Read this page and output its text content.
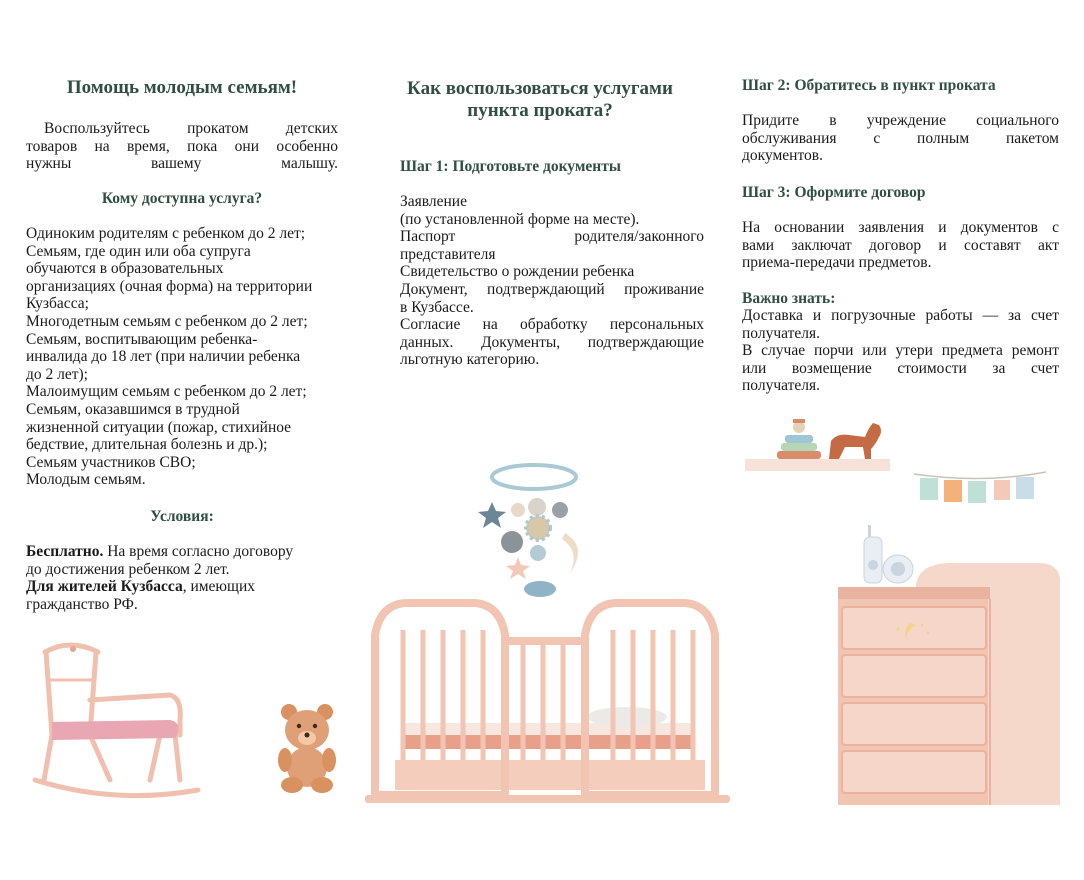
Помощь молодым семьям!
Воспользуйтесь прокатом детских
товаров на время, пока они особенно
нужны вашему малышу.
Кому доступна услуга?
Одиноким родителям с ребенком до 2 лет;
Семьям, где один или оба супруга
обучаются в образовательных
организациях (очная форма) на территории
Кузбасса;
Многодетным семьям с ребенком до 2 лет;
Семьям, воспитывающим ребенка-
инвалида до 18 лет (при наличии ребенка
до 2 лет);
Малоимущим семьям с ребенком до 2 лет;
Семьям, оказавшимся в трудной
жизненной ситуации (пожар, стихийное
бедствие, длительная болезнь и др.);
Семьям участников СВО;
Молодым семьям.
Условия:
Бесплатно. На время согласно договору
до достижения ребенком 2 лет.
Для жителей Кузбасса, имеющих
гражданство РФ.
Как воспользоваться услугами
пункта проката?
Шаг 1: Подготовьте документы
Заявление
(по установленной форме на месте).
Паспорт родителя/законного
представителя
Свидетельство о рождении ребенка
Документ, подтверждающий проживание
в Кузбассе.
Согласие на обработку персональных
данных. Документы, подтверждающие
льготную категорию.
Шаг 2: Обратитесь в пункт проката
Придите в учреждение социального
обслуживания с полным пакетом
документов.
Шаг 3: Оформите договор
На основании заявления и документов с
вами заключат договор и составят акт
приема-передачи предметов.
Важно знать:
Доставка и погрузочные работы — за счет
получателя.
В случае порчи или утери предмета ремонт
или возмещение стоимости за счет
получателя.
